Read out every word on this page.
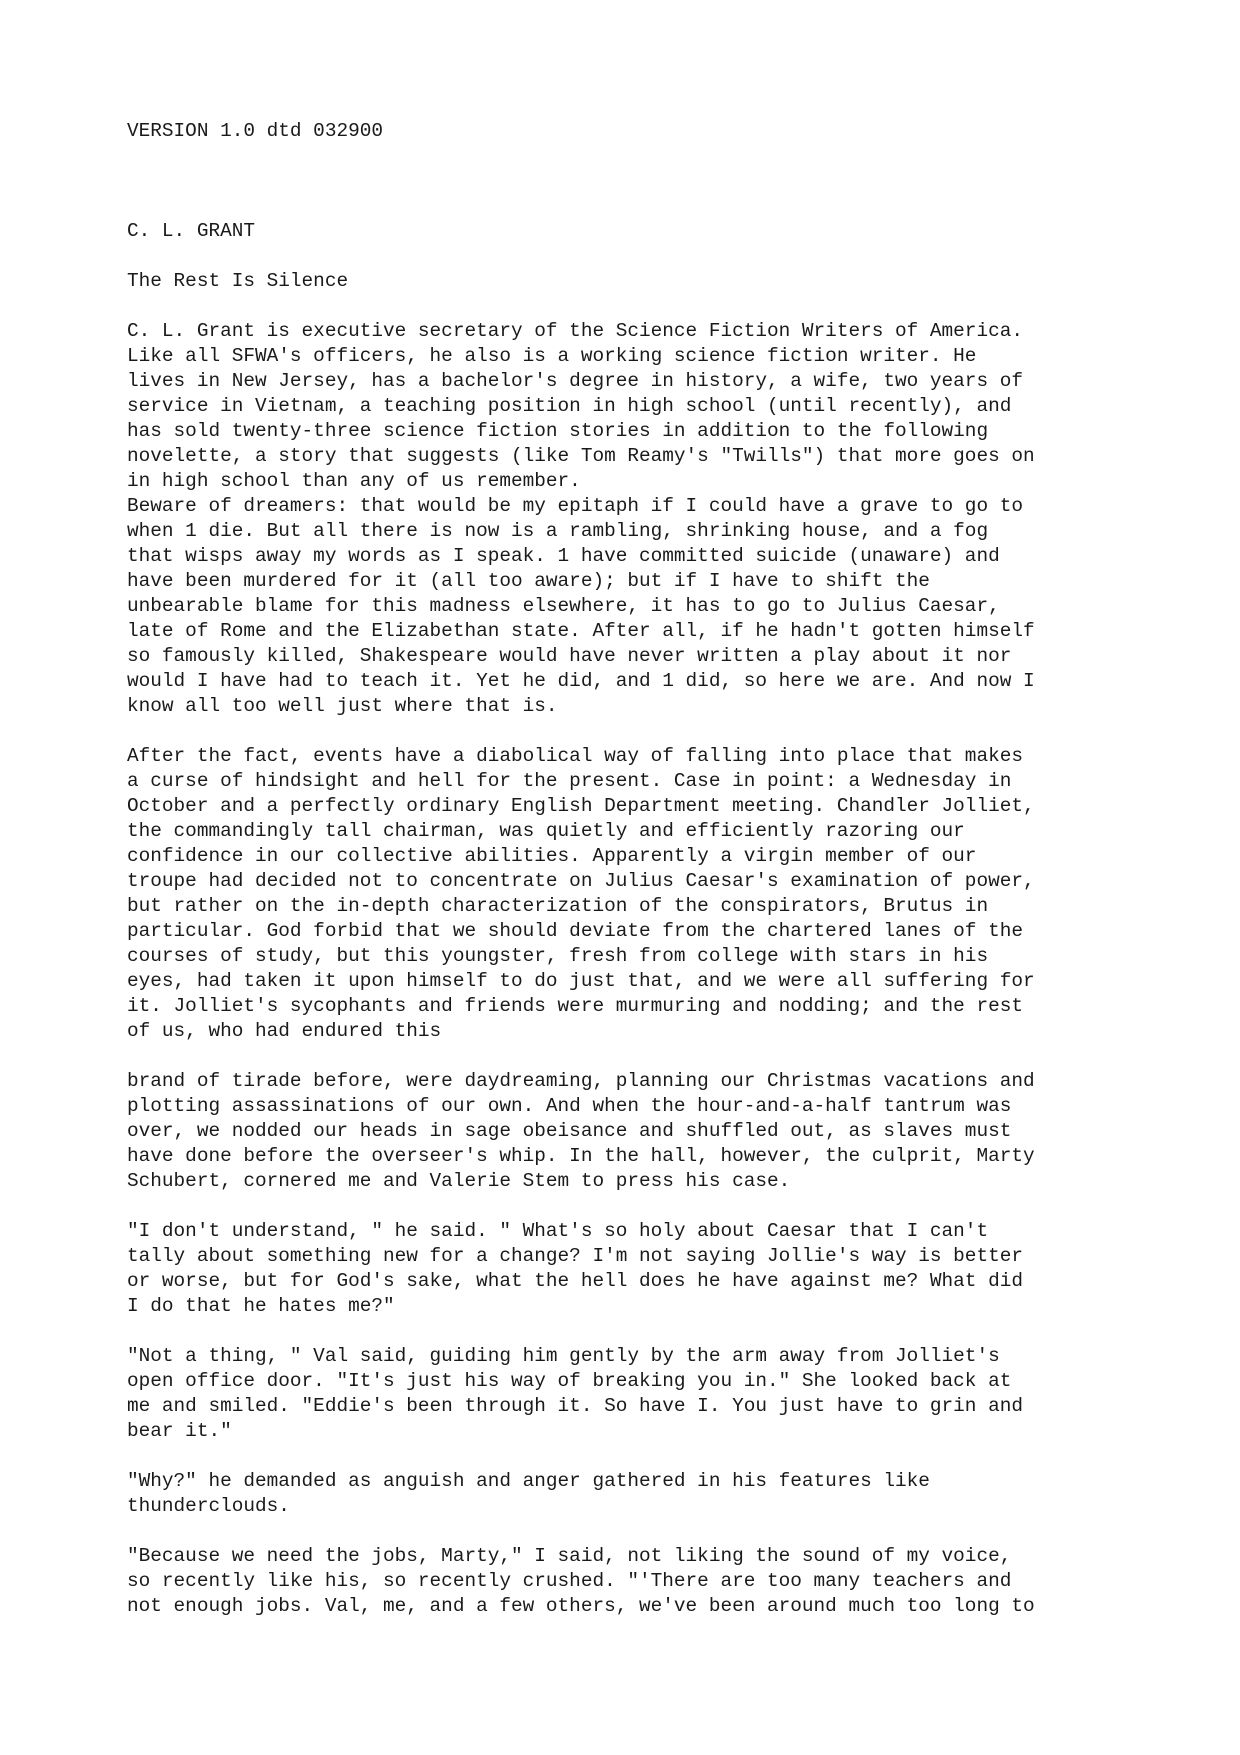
VERSION 1.0 dtd 032900
C. L. GRANT
The Rest Is Silence
C. L. Grant is executive secretary of the Science Fiction Writers of America.
Like all SFWA's officers, he also is a working science fiction writer. He
lives in New Jersey, has a bachelor's degree in history, a wife, two years of
service in Vietnam, a teaching position in high school (until recently), and
has sold twenty-three science fiction stories in addition to the following
novelette, a story that suggests (like Tom Reamy's "Twills") that more goes on
in high school than any of us remember.
Beware of dreamers: that would be my epitaph if I could have a grave to go to
when 1 die. But all there is now is a rambling, shrinking house, and a fog
that wisps away my words as I speak. 1 have committed suicide (unaware) and
have been murdered for it (all too aware); but if I have to shift the
unbearable blame for this madness elsewhere, it has to go to Julius Caesar,
late of Rome and the Elizabethan state. After all, if he hadn't gotten himself
so famously killed, Shakespeare would have never written a play about it nor
would I have had to teach it. Yet he did, and 1 did, so here we are. And now I
know all too well just where that is.
After the fact, events have a diabolical way of falling into place that makes
a curse of hindsight and hell for the present. Case in point: a Wednesday in
October and a perfectly ordinary English Department meeting. Chandler Jolliet,
the commandingly tall chairman, was quietly and efficiently razoring our
confidence in our collective abilities. Apparently a virgin member of our
troupe had decided not to concentrate on Julius Caesar's examination of power,
but rather on the in-depth characterization of the conspirators, Brutus in
particular. God forbid that we should deviate from the chartered lanes of the
courses of study, but this youngster, fresh from college with stars in his
eyes, had taken it upon himself to do just that, and we were all suffering for
it. Jolliet's sycophants and friends were murmuring and nodding; and the rest
of us, who had endured this
brand of tirade before, were daydreaming, planning our Christmas vacations and
plotting assassinations of our own. And when the hour-and-a-half tantrum was
over, we nodded our heads in sage obeisance and shuffled out, as slaves must
have done before the overseer's whip. In the hall, however, the culprit, Marty
Schubert, cornered me and Valerie Stem to press his case.
"I don't understand, " he said. " What's so holy about Caesar that I can't
tally about something new for a change? I'm not saying Jollie's way is better
or worse, but for God's sake, what the hell does he have against me? What did
I do that he hates me?"
"Not a thing, " Val said, guiding him gently by the arm away from Jolliet's
open office door. "It's just his way of breaking you in." She looked back at
me and smiled. "Eddie's been through it. So have I. You just have to grin and
bear it."
"Why?" he demanded as anguish and anger gathered in his features like
thunderclouds.
"Because we need the jobs, Marty," I said, not liking the sound of my voice,
so recently like his, so recently crushed. "'There are too many teachers and
not enough jobs. Val, me, and a few others, we've been around much too long to
